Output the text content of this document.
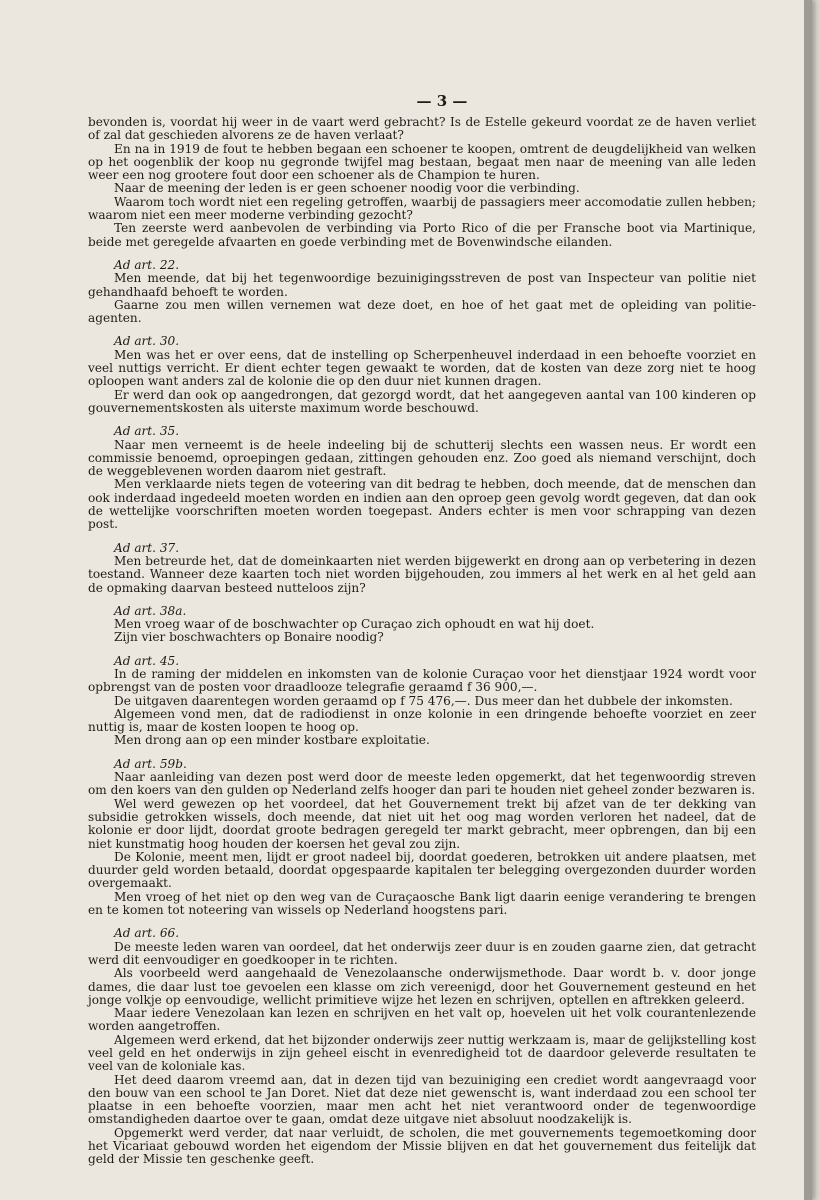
— 3 —

bevonden is, voordat hij weer in de vaart werd gebracht? Is de Estelle gekeurd voordat ze de haven verliet of zal dat geschieden alvorens ze de haven verlaat?

En na in 1919 de fout te hebben begaan een schoener te koopen, omtrent de deugdelijkheid van welken op het oogenblik der koop nu gegronde twijfel mag bestaan, begaat men naar de meening van alle leden weer een nog grootere fout door een schoener als de Champion te huren.

Naar de meening der leden is er geen schoener noodig voor die verbinding.

Waarom toch wordt niet een regeling getroffen, waarbij de passagiers meer accomodatie zullen hebben; waarom niet een meer moderne verbinding gezocht?

Ten zeerste werd aanbevolen de verbinding via Porto Rico of die per Fransche boot via Martinique, beide met geregelde afvaarten en goede verbinding met de Bovenwindsche eilanden.

Ad art. 22.

Men meende, dat bij het tegenwoordige bezuinigingsstreven de post van Inspecteur van politie niet gehandhaafd behoeft te worden.

Gaarne zou men willen vernemen wat deze doet, en hoe of het gaat met de opleiding van politie-agenten.

Ad art. 30.

Men was het er over eens, dat de instelling op Scherpenheuvel inderdaad in een behoefte voorziet en veel nuttigs verricht. Er dient echter tegen gewaakt te worden, dat de kosten van deze zorg niet te hoog oploopen want anders zal de kolonie die op den duur niet kunnen dragen.

Er werd dan ook op aangedrongen, dat gezorgd wordt, dat het aangegeven aantal van 100 kinderen op gouvernementskosten als uiterste maximum worde beschouwd.

Ad art. 35.

Naar men verneemt is de heele indeeling bij de schutterij slechts een wassen neus. Er wordt een commissie benoemd, oproepingen gedaan, zittingen gehouden enz. Zoo goed als niemand verschijnt, doch de weggeblevenen worden daarom niet gestraft.

Men verklaarde niets tegen de voteering van dit bedrag te hebben, doch meende, dat de menschen dan ook inderdaad ingedeeld moeten worden en indien aan den oproep geen gevolg wordt gegeven, dat dan ook de wettelijke voorschriften moeten worden toegepast. Anders echter is men voor schrapping van dezen post.

Ad art. 37.

Men betreurde het, dat de domeinkaarten niet werden bijgewerkt en drong aan op verbetering in dezen toestand. Wanneer deze kaarten toch niet worden bijgehouden, zou immers al het werk en al het geld aan de opmaking daarvan besteed nutteloos zijn?

Ad art. 38a.

Men vroeg waar of de boschwachter op Curaçao zich ophoudt en wat hij doet.

Zijn vier boschwachters op Bonaire noodig?

Ad art. 45.

In de raming der middelen en inkomsten van de kolonie Curaçao voor het dienstjaar 1924 wordt voor opbrengst van de posten voor draadlooze telegrafie geraamd f 36 900,—.

De uitgaven daarentegen worden geraamd op f 75 476,—. Dus meer dan het dubbele der inkomsten.

Algemeen vond men, dat de radiodienst in onze kolonie in een dringende behoefte voorziet en zeer nuttig is, maar de kosten loopen te hoog op.

Men drong aan op een minder kostbare exploitatie.

Ad art. 59b.

Naar aanleiding van dezen post werd door de meeste leden opgemerkt, dat het tegenwoordig streven om den koers van den gulden op Nederland zelfs hooger dan pari te houden niet geheel zonder bezwaren is.

Wel werd gewezen op het voordeel, dat het Gouvernement trekt bij afzet van de ter dekking van subsidie getrokken wissels, doch meende, dat niet uit het oog mag worden verloren het nadeel, dat de kolonie er door lijdt, doordat groote bedragen geregeld ter markt gebracht, meer opbrengen, dan bij een niet kunstmatig hoog houden der koersen het geval zou zijn.

De Kolonie, meent men, lijdt er groot nadeel bij, doordat goederen, betrokken uit andere plaatsen, met duurder geld worden betaald, doordat opgespaarde kapitalen ter belegging overgezonden duurder worden overgemaakt.

Men vroeg of het niet op den weg van de Curaçaosche Bank ligt daarin eenige verandering te brengen en te komen tot noteering van wissels op Nederland hoogstens pari.

Ad art. 66.

De meeste leden waren van oordeel, dat het onderwijs zeer duur is en zouden gaarne zien, dat getracht werd dit eenvoudiger en goedkooper in te richten.

Als voorbeeld werd aangehaald de Venezolaansche onderwijsmethode. Daar wordt b. v. door jonge dames, die daar lust toe gevoelen een klasse om zich vereenigd, door het Gouvernement gesteund en het jonge volkje op eenvoudige, wellicht primitieve wijze het lezen en schrijven, optellen en aftrekken geleerd.

Maar iedere Venezolaan kan lezen en schrijven en het valt op, hoevelen uit het volk courantenlezende worden aangetroffen.

Algemeen werd erkend, dat het bijzonder onderwijs zeer nuttig werkzaam is, maar de gelijkstelling kost veel geld en het onderwijs in zijn geheel eischt in evenredigheid tot de daardoor geleverde resultaten te veel van de koloniale kas.

Het deed daarom vreemd aan, dat in dezen tijd van bezuiniging een crediet wordt aangevraagd voor den bouw van een school te Jan Doret. Niet dat deze niet gewenscht is, want inderdaad zou een school ter plaatse in een behoefte voorzien, maar men acht het niet verantwoord onder de tegenwoordige omstandigheden daartoe over te gaan, omdat deze uitgave niet absoluut noodzakelijk is.

Opgemerkt werd verder, dat naar verluidt, de scholen, die met gouvernements tegemoetkoming door het Vicariaat gebouwd worden het eigendom der Missie blijven en dat het gouvernement dus feitelijk dat geld der Missie ten geschenke geeft.
